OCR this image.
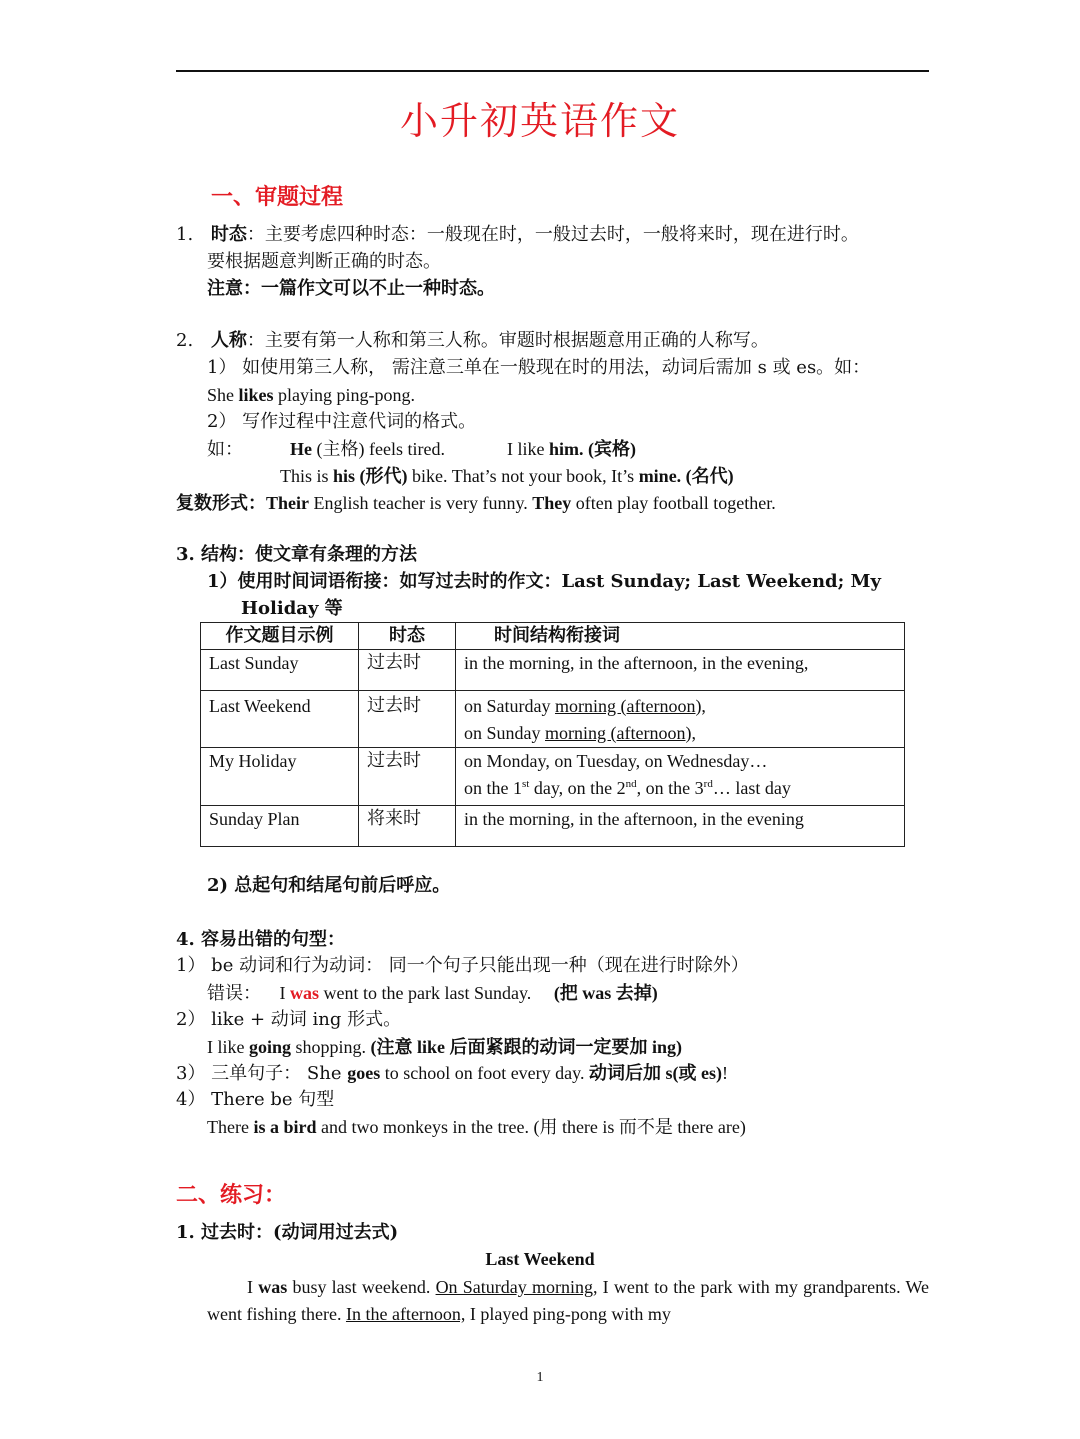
小升初英语作文
一、审题过程
1. 时态：主要考虑四种时态：一般现在时，一般过去时，一般将来时，现在进行时。
要根据题意判断正确的时态。
注意：一篇作文可以不止一种时态。
2. 人称：主要有第一人称和第三人称。审题时根据题意用正确的人称写。
1） 如使用第三人称， 需注意三单在一般现在时的用法，动词后需加 s 或 es。如：
She likes playing ping-pong.
2） 写作过程中注意代词的格式。
如：	He (主格) feels tired.	I like him. (宾格)
This is his (形代) bike. That’s not your book, It’s mine. (名代)
复数形式：Their English teacher is very funny. They often play football together.
3. 结构：使文章有条理的方法
1）使用时间词语衔接：如写过去时的作文：Last Sunday; Last Weekend; My
Holiday 等
作文题目示例	时态	时间结构衔接词
Last Sunday	过去时	in the morning, in the afternoon, in the evening,
Last Weekend	过去时	on Saturday morning (afternoon),
on Sunday morning (afternoon),

My Holiday	过去时	on Monday, on Tuesday, on Wednesday…
on the 1st day, on the 2nd, on the 3rd… last day

Sunday Plan	将来时	in the morning, in the afternoon, in the evening
2) 总起句和结尾句前后呼应。
4. 容易出错的句型：
1） be 动词和行为动词： 同一个句子只能出现一种（现在进行时除外）
错误： I was went to the park last Sunday. (把 was 去掉)
2） like + 动词 ing 形式。
I like going shopping. (注意 like 后面紧跟的动词一定要加 ing)
3） 三单句子： She goes to school on foot every day. 动词后加 s(或 es)!
4） There be 句型
There is a bird and two monkeys in the tree. (用 there is 而不是 there are)
二、练习：
1. 过去时：(动词用过去式)
Last Weekend
I was busy last weekend. On Saturday morning, I went to the park with my grandparents. We went fishing there. In the afternoon, I played ping-pong with my
1
